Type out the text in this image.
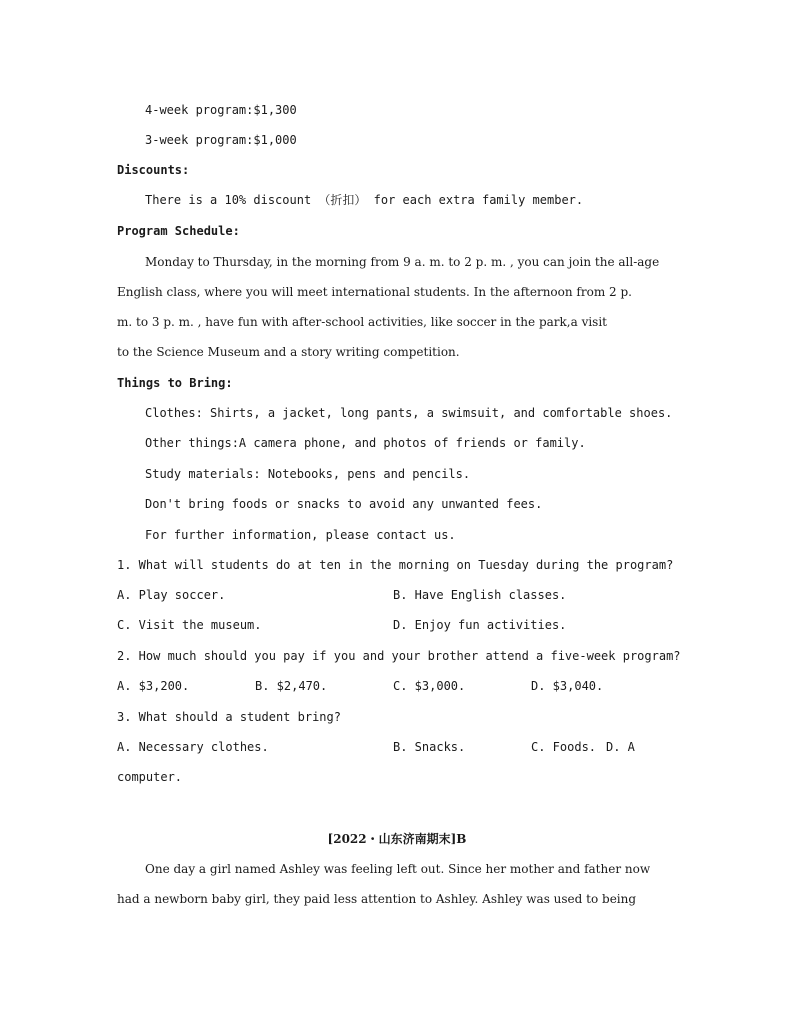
4-week program:$1,300
3-week program:$1,000
Discounts:
There is a 10% discount （折扣） for each extra family member.
Program Schedule:
Monday to Thursday, in the morning from 9 a. m. to 2 p. m. , you can join the all-age
English class, where you will meet international students. In the afternoon from 2 p.
m. to 3 p. m. , have fun with after-school activities, like soccer in the park,a visit
to the Science Museum and a story writing competition.
Things to Bring:
Clothes: Shirts, a jacket, long pants, a swimsuit, and comfortable shoes.
Other things:A camera phone, and photos of friends or family.
Study materials: Notebooks, pens and pencils.
Don't bring foods or snacks to avoid any unwanted fees.
For further information, please contact us.
1. What will students do at ten in the morning on Tuesday during the program?
A. Play soccer.	B. Have English classes.
C. Visit the museum.	D. Enjoy fun activities.
2. How much should you pay if you and your brother attend a five-week program?
A. $3,200.	B. $2,470.	C. $3,000.	D. $3,040.
3. What should a student bring?
A. Necessary clothes.	B. Snacks.	C. Foods. D. A
computer.
[2022・山东济南期末]B
One day a girl named Ashley was feeling left out. Since her mother and father now
had a newborn baby girl, they paid less attention to Ashley. Ashley was used to being
